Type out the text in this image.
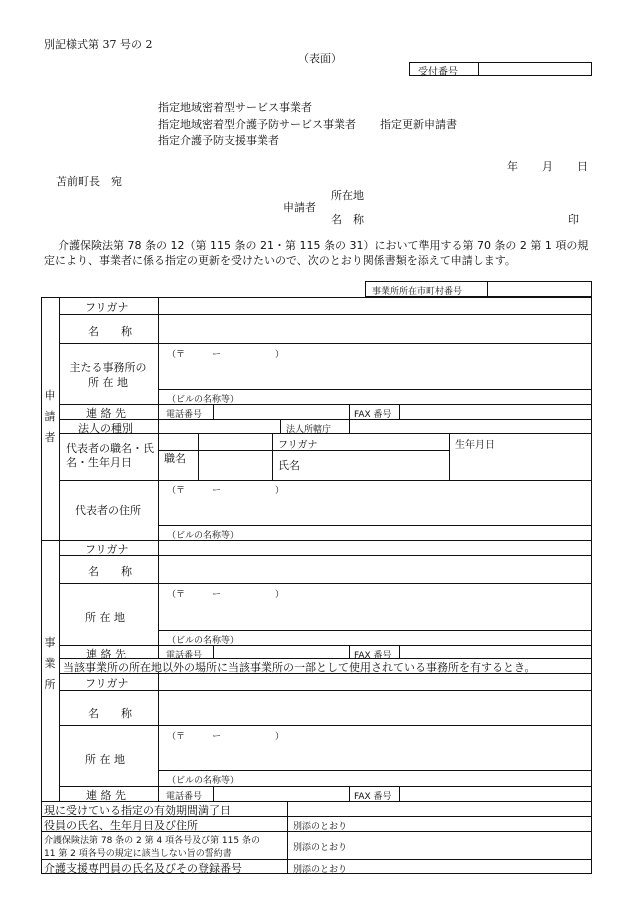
別記様式第 37 号の 2
（表面）
受付番号
指定地域密着型サービス事業者
指定地域密着型介護予防サービス事業者 指定更新申請書
指定介護予防支援事業者
年 月 日
苫前町長　宛
所在地
申請者
名　称	印
介護保険法第 78 条の 12（第 115 条の 21・第 115 条の 31）において準用する第 70 条の 2 第 1 項の規
定により、事業者に係る指定の更新を受けたいので、次のとおり関係書類を添えて申請します。
事業所所在市町村番号
申請者
フリガナ
名　　称
主たる事務所の所 在 地
（〒　　　ー　　　　　　）
（ビルの名称等）
連 絡 先	電話番号	FAX 番号
法人の種別	法人所轄庁
代表者の職名・氏名・生年月日	職名
フリガナ
氏名
生年月日
代表者の住所
（〒　　　ー　　　　　　）
（ビルの名称等）
事業所
フリガナ
名　　称
所 在 地
（〒　　　ー　　　　　　）
（ビルの名称等）
連 絡 先	電話番号	FAX 番号
当該事業所の所在地以外の場所に当該事業所の一部として使用されている事務所を有するとき。
フリガナ
名　　称
所 在 地
（〒　　　ー　　　　　　）
（ビルの名称等）
連 絡 先	電話番号	FAX 番号
現に受けている指定の有効期間満了日
役員の氏名、生年月日及び住所	別添のとおり
介護保険法第 78 条の 2 第 4 項各号及び第 115 条の
11 第 2 項各号の規定に該当しない旨の誓約書
別添のとおり
介護支援専門員の氏名及びその登録番号	別添のとおり
